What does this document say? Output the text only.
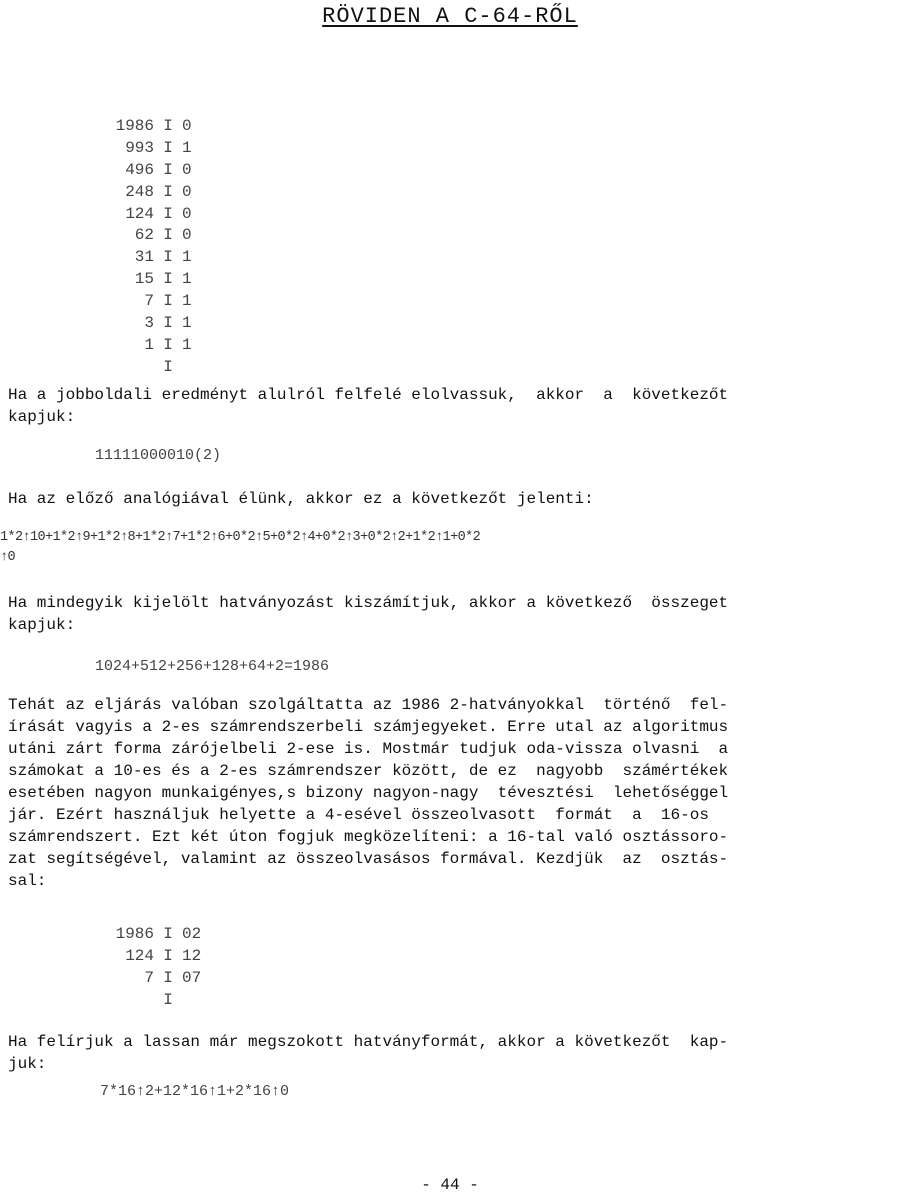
RÖVIDEN A C-64-RŐL
1986 I 0
993 I 1
496 I 0
248 I 0
124 I 0
62 I 0
31 I 1
15 I 1
7 I 1
3 I 1
1 I 1
I

Ha a jobboldali eredményt alulról felfelé elolvassuk,  akkor  a  következőt
kapjuk:

11111000010(2)

Ha az előző analógiával élünk, akkor ez a következőt jelenti:

1*2↑10+1*2↑9+1*2↑8+1*2↑7+1*2↑6+0*2↑5+0*2↑4+0*2↑3+0*2↑2+1*2↑1+0*2
↑0

Ha mindegyik kijelölt hatványozást kiszámítjuk, akkor a következő  összeget
kapjuk:

1024+512+256+128+64+2=1986

Tehát az eljárás valóban szolgáltatta az 1986 2-hatványokkal  történő  fel-
írását vagyis a 2-es számrendszerbeli számjegyeket. Erre utal az algoritmus
utáni zárt forma zárójelbeli 2-ese is. Mostmár tudjuk oda-vissza olvasni  a
számokat a 10-es és a 2-es számrendszer között, de ez  nagyobb  számértékek
esetében nagyon munkaigényes,s bizony nagyon-nagy  tévesztési  lehetőséggel
jár. Ezért használjuk helyette a 4-esével összeolvasott  formát  a  16-os
számrendszert. Ezt két úton fogjuk megközelíteni: a 16-tal való osztássoro-
zat segítségével, valamint az összeolvasásos formával. Kezdjük  az  osztás-
sal:

1986 I 02
124 I 12
7 I 07
I

Ha felírjuk a lassan már megszokott hatványformát, akkor a következőt  kap-
juk:

7*16↑2+12*16↑1+2*16↑0

- 44 -
